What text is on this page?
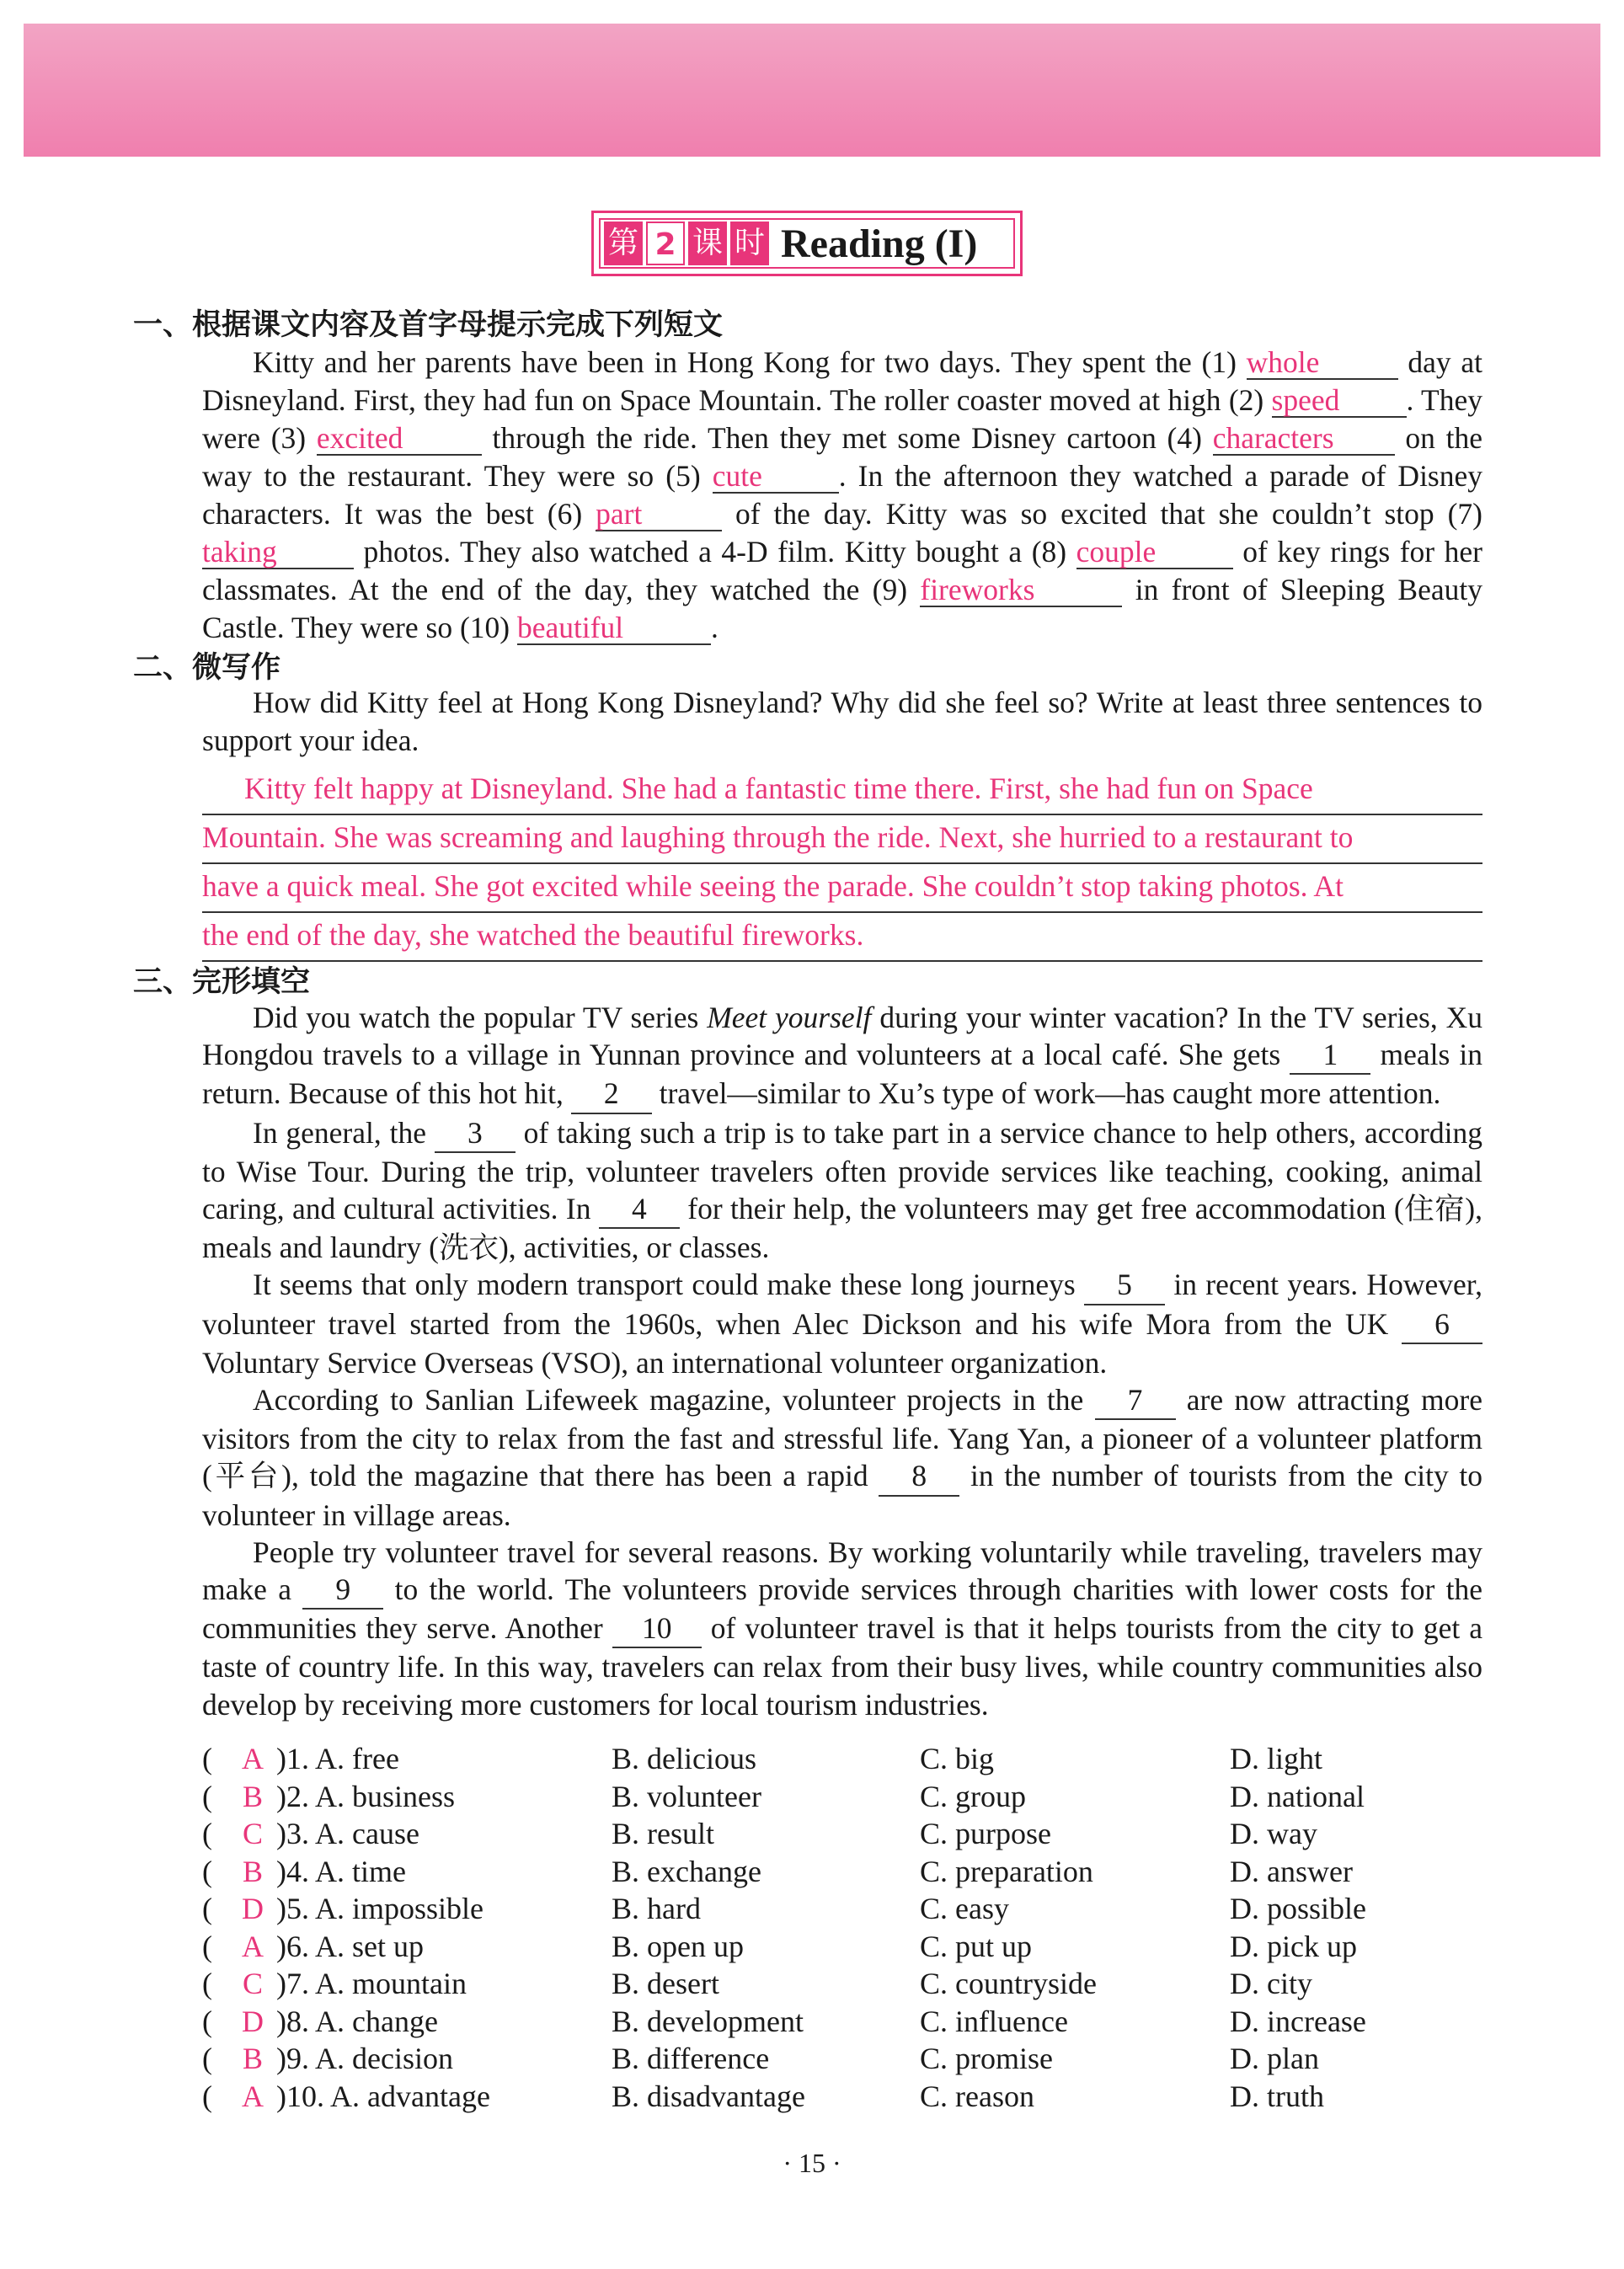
第 2 课 时 Reading (I)
一、根据课文内容及首字母提示完成下列短文
Kitty and her parents have been in Hong Kong for two days. They spent the (1) whole	day at Disneyland. First, they had fun on Space Mountain. The roller coaster moved at high (2) speed . They were (3) excited	through the ride. Then they met some Disney cartoon (4) characters on the way to the restaurant. They were so (5) cute	. In the afternoon they watched a parade of Disney characters. It was the best (6) part	of the day. Kitty was so excited that she couldn’t stop (7) taking	photos. They also watched a 4-D film. Kitty bought a (8) couple	of key rings for her classmates. At the end of the day, they watched the (9) fireworks	in front of Sleeping Beauty Castle. They were so (10) beautiful	.
二、微写作
How did Kitty feel at Hong Kong Disneyland? Why did she feel so? Write at least three sentences to support your idea.
Kitty felt happy at Disneyland. She had a fantastic time there. First, she had fun on Space
Mountain. She was screaming and laughing through the ride. Next, she hurried to a restaurant to
have a quick meal. She got excited while seeing the parade. She couldn’t stop taking photos. At
the end of the day, she watched the beautiful fireworks.
三、完形填空
Did you watch the popular TV series Meet yourself during your winter vacation? In the TV series, Xu Hongdou travels to a village in Yunnan province and volunteers at a local café. She gets 1 meals in return. Because of this hot hit, 2 travel—similar to Xu’s type of work—has caught more attention.
In general, the 3 of taking such a trip is to take part in a service chance to help others, according to Wise Tour. During the trip, volunteer travelers often provide services like teaching, cooking, animal caring, and cultural activities. In 4 for their help, the volunteers may get free accommodation (住宿), meals and laundry (洗衣), activities, or classes.
It seems that only modern transport could make these long journeys 5 in recent years. However, volunteer travel started from the 1960s, when Alec Dickson and his wife Mora from the UK 6 Voluntary Service Overseas (VSO), an international volunteer organization.
According to Sanlian Lifeweek magazine, volunteer projects in the 7 are now attracting more visitors from the city to relax from the fast and stressful life. Yang Yan, a pioneer of a volunteer platform (平台), told the magazine that there has been a rapid 8 in the number of tourists from the city to volunteer in village areas.
People try volunteer travel for several reasons. By working voluntarily while traveling, travelers may make a 9 to the world. The volunteers provide services through charities with lower costs for the communities they serve. Another 10 of volunteer travel is that it helps tourists from the city to get a taste of country life. In this way, travelers can relax from their busy lives, while country communities also develop by receiving more customers for local tourism industries.
( A ) 1. A. free	B. delicious	C. big	D. light
( B ) 2. A. business	B. volunteer	C. group	D. national
( C ) 3. A. cause	B. result	C. purpose	D. way
( B ) 4. A. time	B. exchange	C. preparation	D. answer
( D ) 5. A. impossible	B. hard	C. easy	D. possible
( A ) 6. A. set up	B. open up	C. put up	D. pick up
( C ) 7. A. mountain	B. desert	C. countryside	D. city
( D ) 8. A. change	B. development	C. influence	D. increase
( B ) 9. A. decision	B. difference	C. promise	D. plan
( A ) 10. A. advantage	B. disadvantage	C. reason	D. truth
· 15 ·
